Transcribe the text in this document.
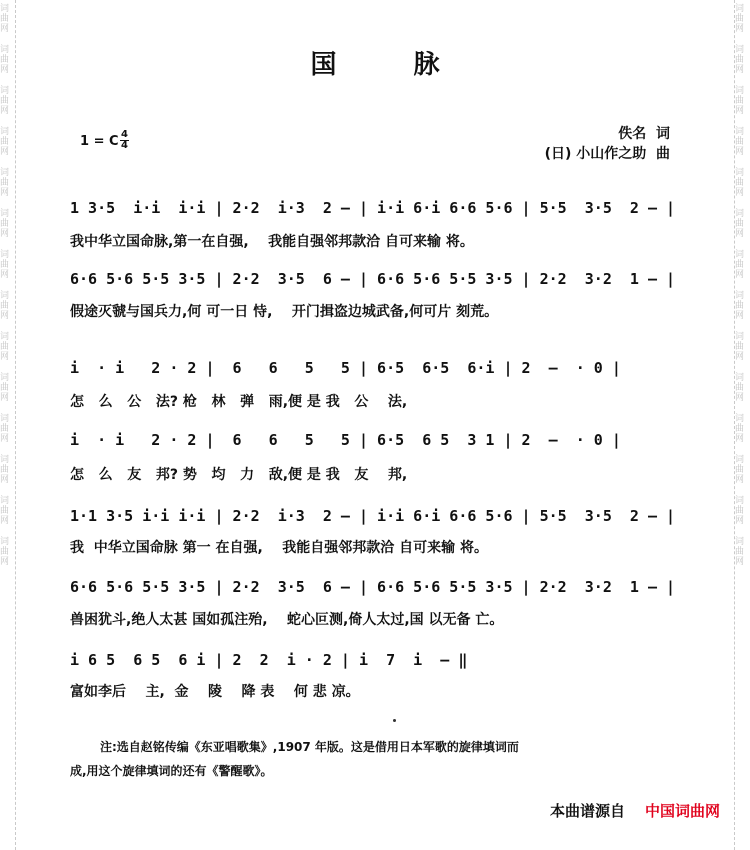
词曲网
词曲网
词曲网
词曲网
词曲网
词曲网
词曲网
词曲网
词曲网
词曲网
词曲网
词曲网
词曲网
词曲网
词曲网
词曲网
词曲网
词曲网
词曲网
词曲网
词曲网
词曲网
词曲网
词曲网
词曲网
词曲网
词曲网
词曲网
国 脉
1 = C 4
4
佚名  词
(日) 小山作之助  曲
1 3·5  i·i  i·i | 2·2  i·3  2 — | i·i 6·i 6·6 5·6 | 5·5  3·5  2 — |
我中华立国命脉,第一在自强,    我能自强邻邦款洽 自可来输 将。
6·6 5·6 5·5 3·5 | 2·2  3·5  6 — | 6·6 5·6 5·5 3·5 | 2·2  3·2  1 — |
假途灭虢与国兵力,何 可一日 恃,    开门揖盗边城武备,何可片 刻荒。
i  · i   2 · 2 |  6   6   5   5 | 6·5  6·5  6·i | 2  —  · 0 |
怎   么   公   法? 枪   林   弹   雨,便 是 我   公    法,
i  · i   2 · 2 |  6   6   5   5 | 6·5  6 5  3 1 | 2  —  · 0 |
怎   么   友   邦? 势   均   力   敌,便 是 我   友    邦,
1·1 3·5 i·i i·i | 2·2  i·3  2 — | i·i 6·i 6·6 5·6 | 5·5  3·5  2 — |
我  中华立国命脉 第一 在自强,    我能自强邻邦款洽 自可来输 将。
6·6 5·6 5·5 3·5 | 2·2  3·5  6 — | 6·6 5·6 5·5 3·5 | 2·2  3·2  1 — |
兽困犹斗,绝人太甚 国如孤注殆,    蛇心叵测,倚人太过,国 以无备 亡。
i 6 5  6 5  6 i | 2  2  i · 2 | i  7  i  — ‖
富如李后    主,  金    陵    降 表    何 悲 凉。
注:选自赵铭传编《东亚唱歌集》,1907 年版。这是借用日本军歌的旋律填词而
成,用这个旋律填词的还有《警醒歌》。
本曲谱源自 中国词曲网
